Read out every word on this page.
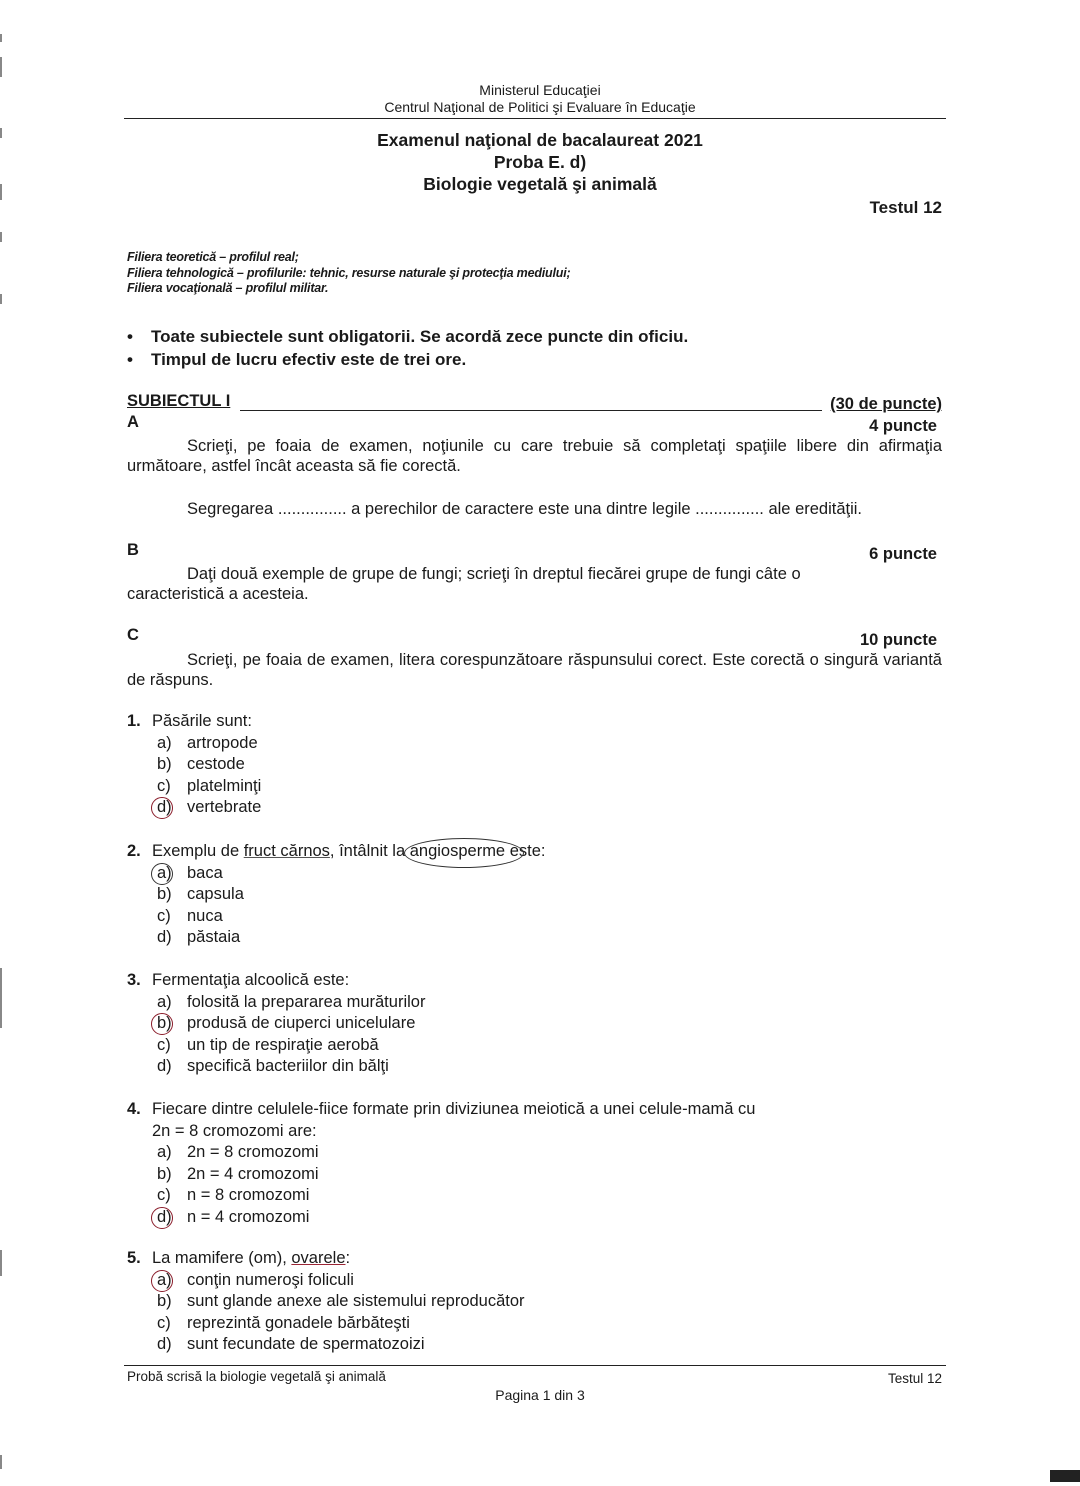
Ministerul Educaţiei
Centrul Naţional de Politici şi Evaluare în Educaţie
Examenul naţional de bacalaureat 2021
Proba E. d)
Biologie vegetală şi animală
Testul 12
Filiera teoretică – profilul real;
Filiera tehnologică – profilurile: tehnic, resurse naturale şi protecţia mediului;
Filiera vocaţională – profilul militar.
• Toate subiectele sunt obligatorii. Se acordă zece puncte din oficiu.
• Timpul de lucru efectiv este de trei ore.
SUBIECTUL I	(30 de puncte)
A	4 puncte
Scrieţi, pe foaia de examen, noţiunile cu care trebuie să completaţi spaţiile libere din afirmaţia următoare, astfel încât aceasta să fie corectă.
Segregarea ............... a perechilor de caractere este una dintre legile ............... ale eredităţii.
B	6 puncte
Daţi două exemple de grupe de fungi; scrieţi în dreptul fiecărei grupe de fungi câte o caracteristică a acesteia.
C	10 puncte
Scrieţi, pe foaia de examen, litera corespunzătoare răspunsului corect. Este corectă o singură variantă de răspuns.
1. Păsările sunt:
a) artropode
b) cestode
c) platelminţi
d) vertebrate
2. Exemplu de fruct cărnos, întâlnit la
angiosperme este:
a) baca
b) capsula
c) nuca
d) păstaia
3. Fermentaţia alcoolică este:
a) folosită la prepararea murăturilor
b) produsă de ciuperci unicelulare
c) un tip de respiraţie aerobă
d) specifică bacteriilor din bălţi
4. Fiecare dintre celulele-fiice formate prin diviziunea meiotică a unei celule-mamă cu
2n = 8 cromozomi are:
a) 2n = 8 cromozomi
b) 2n = 4 cromozomi
c) n = 8 cromozomi
d) n = 4 cromozomi
5. La mamifere (om), ovarele:
a) conţin numeroşi foliculi
b) sunt glande anexe ale sistemului reproducător
c) reprezintă gonadele bărbăteşti
d) sunt fecundate de spermatozoizi
Probă scrisă la biologie vegetală şi animală	Testul 12
Pagina 1 din 3
